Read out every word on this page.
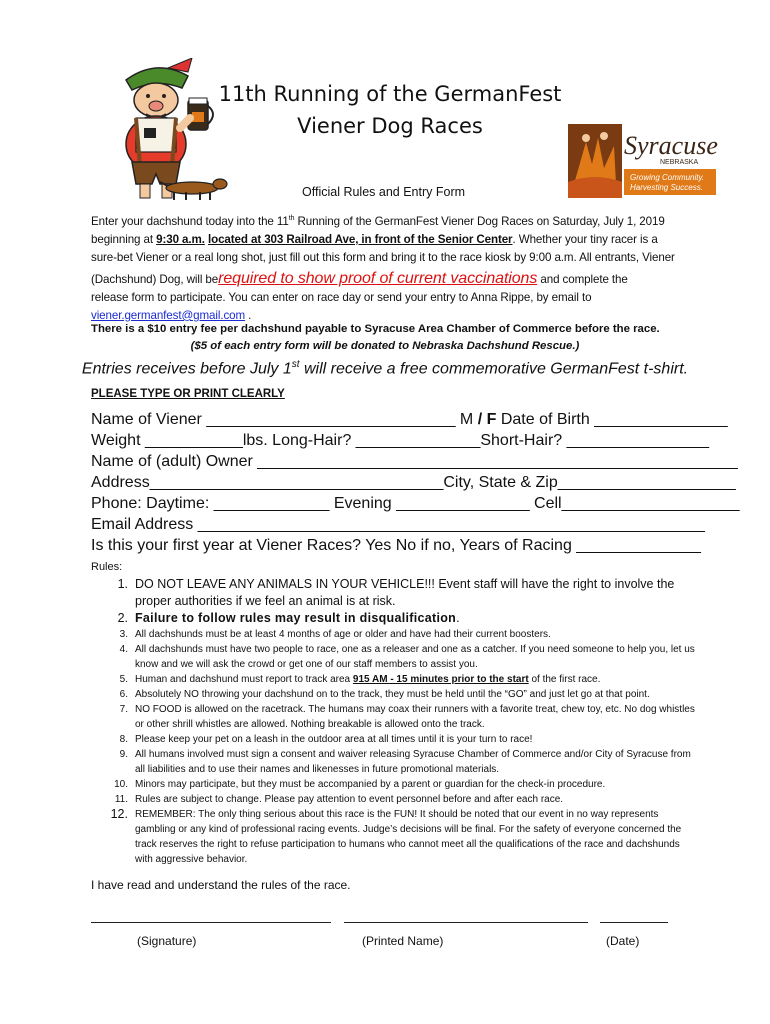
11th Running of the GermanFest
Viener Dog Races
Syracuse
NEBRASKA
Growing Community.
Harvesting Success.
Official Rules and Entry Form
Enter your dachshund today into the 11th Running of the GermanFest Viener Dog Races on Saturday, July 1, 2019
beginning at 9:30 a.m. located at 303 Railroad Ave, in front of the Senior Center. Whether your tiny racer is a
sure-bet Viener or a real long shot, just fill out this form and bring it to the race kiosk by 9:00 a.m. All entrants, Viener
(Dachshund) Dog, will berequired to show proof of current vaccinations and complete the
release form to participate. You can enter on race day or send your entry to Anna Rippe, by email to
viener.germanfest@gmail.com .
There is a $10 entry fee per dachshund payable to Syracuse Area Chamber of Commerce before the race.
($5 of each entry form will be donated to Nebraska Dachshund Rescue.)
Entries receives before July 1st will receive a free commemorative GermanFest t-shirt.
PLEASE TYPE OR PRINT CLEARLY
Name of Viener ____________________________ M / F Date of Birth _______________
Weight ___________lbs. Long-Hair? ______________Short-Hair? ________________
Name of (adult) Owner ______________________________________________________
Address_________________________________City, State & Zip____________________
Phone: Daytime: _____________ Evening _______________ Cell____________________
Email Address _________________________________________________________
Is this your first year at Viener Races? Yes No if no, Years of Racing ______________
Rules:
1. DO NOT LEAVE ANY ANIMALS IN YOUR VEHICLE!!! Event staff will have the right to involve the proper authorities if we feel an animal is at risk.
2. Failure to follow rules may result in disqualification.
3. All dachshunds must be at least 4 months of age or older and have had their current boosters.
4. All dachshunds must have two people to race, one as a releaser and one as a catcher. If you need someone to help you, let us know and we will ask the crowd or get one of our staff members to assist you.
5. Human and dachshund must report to track area 915 AM - 15 minutes prior to the start of the first race.
6. Absolutely NO throwing your dachshund on to the track, they must be held until the “GO” and just let go at that point.
7. NO FOOD is allowed on the racetrack. The humans may coax their runners with a favorite treat, chew toy, etc. No dog whistles or other shrill whistles are allowed. Nothing breakable is allowed onto the track.
8. Please keep your pet on a leash in the outdoor area at all times until it is your turn to race!
9. All humans involved must sign a consent and waiver releasing Syracuse Chamber of Commerce and/or City of Syracuse from all liabilities and to use their names and likenesses in future promotional materials.
10. Minors may participate, but they must be accompanied by a parent or guardian for the check-in procedure.
11. Rules are subject to change. Please pay attention to event personnel before and after each race.
12. REMEMBER: The only thing serious about this race is the FUN! It should be noted that our event in no way represents gambling or any kind of professional racing events. Judge’s decisions will be final. For the safety of everyone concerned the track reserves the right to refuse participation to humans who cannot meet all the qualifications of the race and dachshunds with aggressive behavior.
I have read and understand the rules of the race.
(Signature)	(Printed Name)	(Date)
